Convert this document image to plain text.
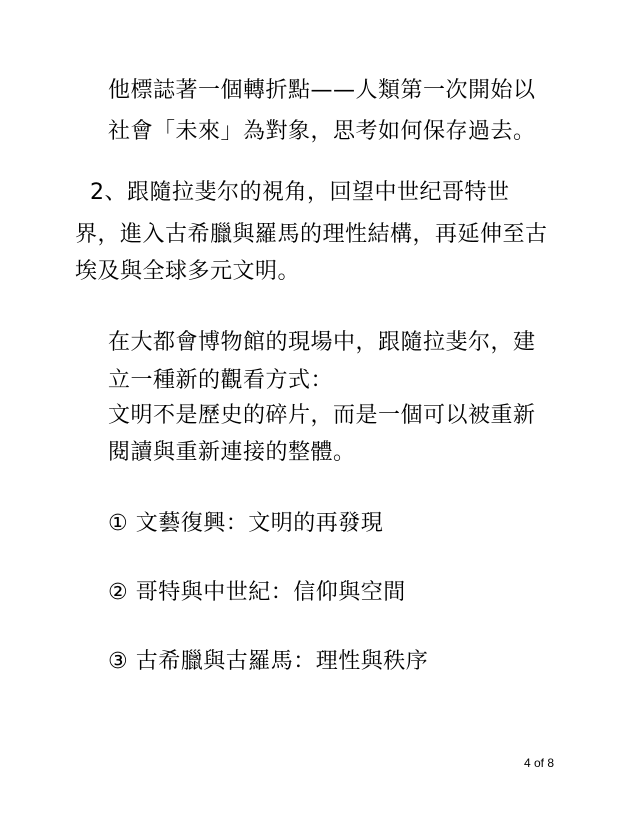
他標誌著一個轉折點——人類第一次開始以
社會「未來」為對象，思考如何保存過去。
2、跟隨拉斐尔的視角，回望中世纪哥特世
界，進入古希臘與羅馬的理性結構，再延伸至古
埃及與全球多元文明。
在大都會博物館的現場中，跟隨拉斐尔，建
立一種新的觀看方式：
文明不是歷史的碎片，而是一個可以被重新
閱讀與重新連接的整體。
① 文藝復興：文明的再發現
② 哥特與中世紀：信仰與空間
③ 古希臘與古羅馬：理性與秩序
4 of 8
